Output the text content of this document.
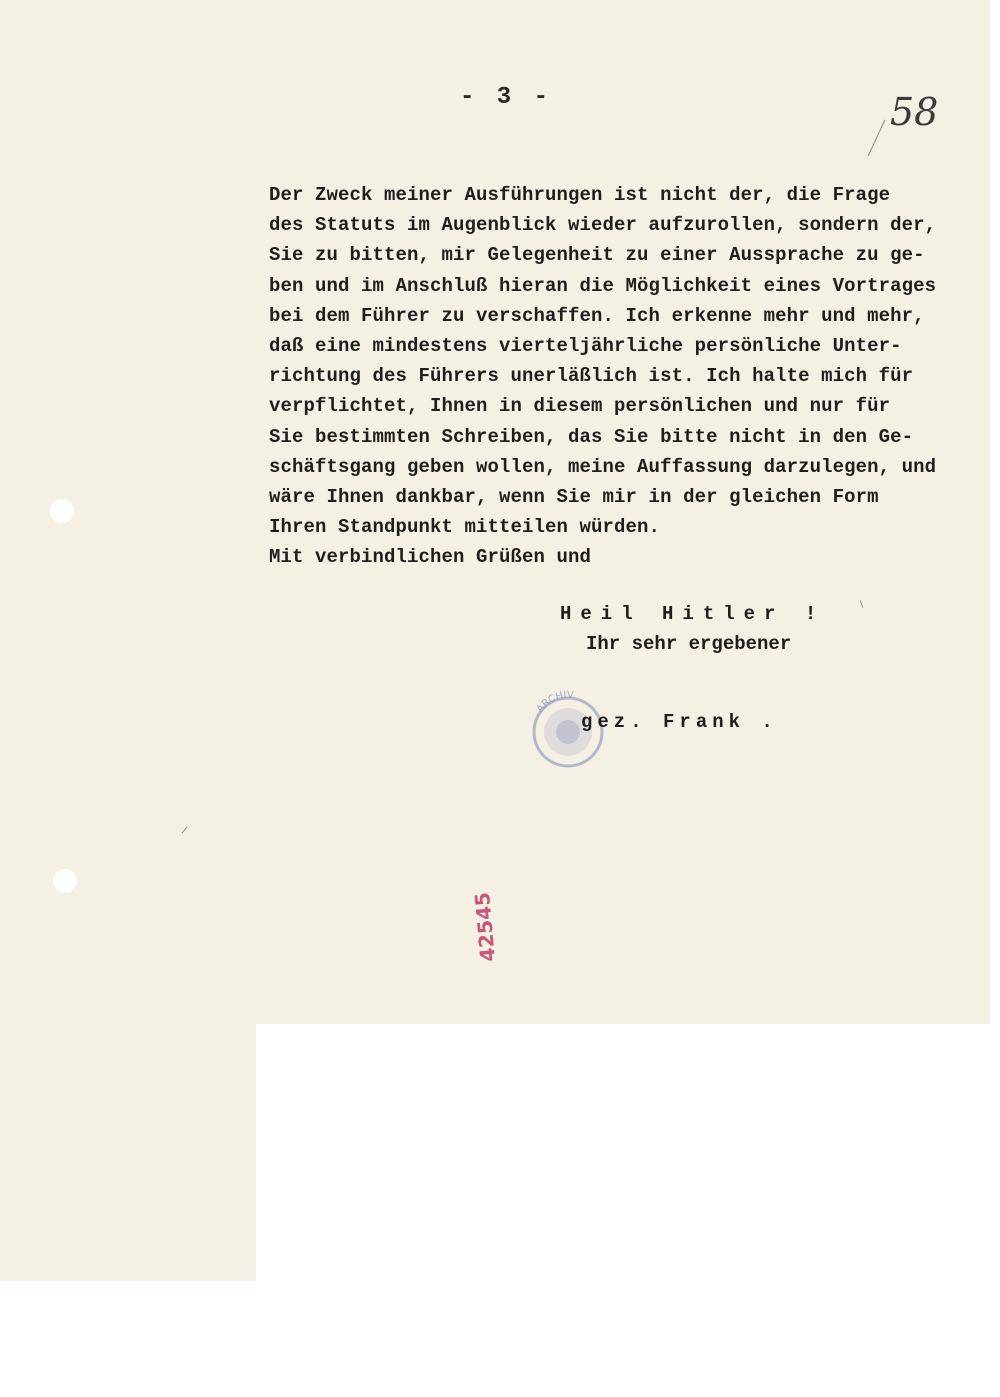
- 3 -	58
Der Zweck meiner Ausführungen ist nicht der, die Frage
des Statuts im Augenblick wieder aufzurollen, sondern der,
Sie zu bitten, mir Gelegenheit zu einer Aussprache zu ge-
ben und im Anschluß hieran die Möglichkeit eines Vortrages
bei dem Führer zu verschaffen. Ich erkenne mehr und mehr,
daß eine mindestens vierteljährliche persönliche Unter-
richtung des Führers unerläßlich ist. Ich halte mich für
verpflichtet, Ihnen in diesem persönlichen und nur für
Sie bestimmten Schreiben, das Sie bitte nicht in den Ge-
schäftsgang geben wollen, meine Auffassung darzulegen, und
wäre Ihnen dankbar, wenn Sie mir in der gleichen Form
Ihren Standpunkt mitteilen würden.
Mit verbindlichen Grüßen und
Heil Hitler !
Ihr sehr ergebener
ARCHIV
gez. Frank .
42545
